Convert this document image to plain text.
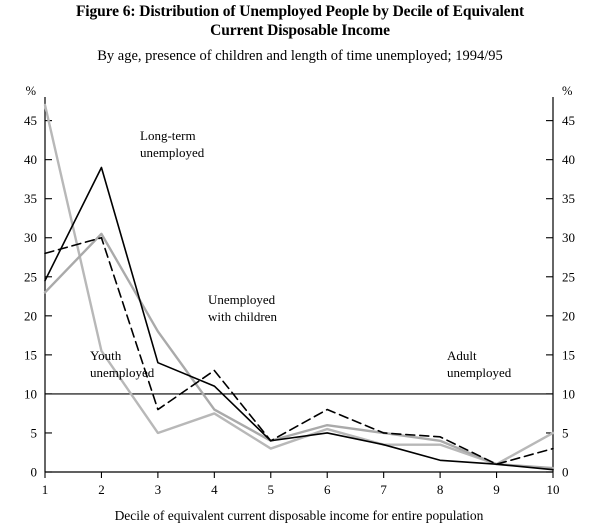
Figure 6: Distribution of Unemployed People by Decile of Equivalent
Current Disposable Income
By age, presence of children and length of time unemployed; 1994/95
0	0
5	5
10	10
15	15
20	20
25	25
30	30
35	35
40	40
45	45
%	%
1	2	3	4	5	6	7	8	9	10
Decile of equivalent current disposable income for entire population
Long-term
unemployed
Unemployed
with children
Youth
unemployed
Adult
unemployed
